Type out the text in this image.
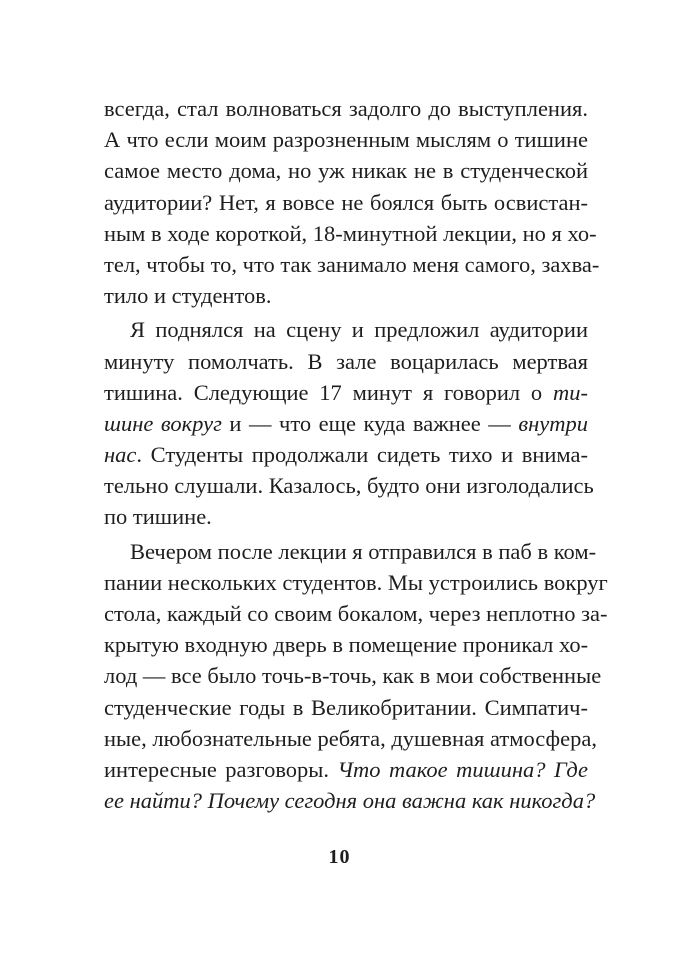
всегда, стал волноваться задолго до выступления.
А что если моим разрозненным мыслям о тишине
самое место дома, но уж никак не в студенческой
аудитории? Нет, я вовсе не боялся быть освистан-
ным в ходе короткой, 18-минутной лекции, но я хо-
тел, чтобы то, что так занимало меня самого, захва-
тило и студентов.

Я поднялся на сцену и предложил аудитории
минуту помолчать. В зале воцарилась мертвая
тишина. Следующие 17 минут я говорил о ти-
шине вокруг и — что еще куда важнее — внутри
нас. Студенты продолжали сидеть тихо и внима-
тельно слушали. Казалось, будто они изголодались
по тишине.

Вечером после лекции я отправился в паб в ком-
пании нескольких студентов. Мы устроились вокруг
стола, каждый со своим бокалом, через неплотно за-
крытую входную дверь в помещение проникал хо-
лод — все было точь-в-точь, как в мои собственные
студенческие годы в Великобритании. Симпатич-
ные, любознательные ребята, душевная атмосфера,
интересные разговоры. Что такое тишина? Где
ее найти? Почему сегодня она важна как никогда?

10
